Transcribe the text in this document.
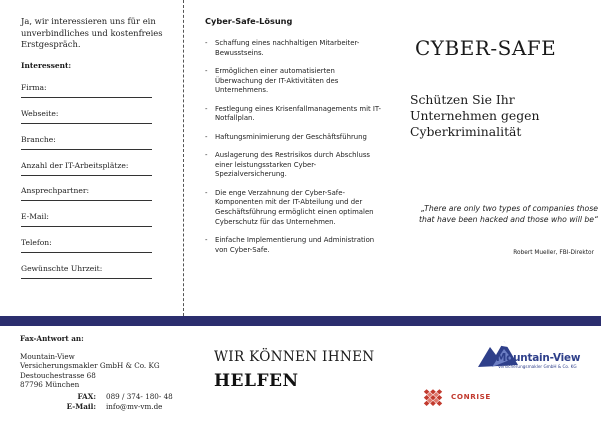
Ja, wir interessieren uns für ein unverbindliches und kostenfreies Erstgespräch.

Interessent:
Firma:
Webseite:
Branche:
Anzahl der IT-Arbeitsplätze:
Ansprechpartner:
E-Mail:
Telefon:
Gewünschte Uhrzeit:
Cyber-Safe-Lösung
- Schaffung eines nachhaltigen Mitarbeiter-Bewusstseins.
- Ermöglichen einer automatisierten Überwachung der IT-Aktivitäten des Unternehmens.
- Festlegung eines Krisenfallmanagements mit IT-Notfallplan.
- Haftungsminimierung der Geschäftsführung
- Auslagerung des Restrisikos durch Abschluss einer leistungsstarken Cyber-Spezialversicherung.
- Die enge Verzahnung der Cyber-Safe-Komponenten mit der IT-Abteilung und der Geschäftsführung ermöglicht einen optimalen Cyberschutz für das Unternehmen.
- Einfache Implementierung und Administration von Cyber-Safe.
CYBER-SAFE
Schützen Sie Ihr Unternehmen gegen Cyberkriminalität
„There are only two types of companies those that have been hacked and those who will be“
Robert Mueller, FBI-Direktor
Fax-Antwort an:
Mountain-View
Versicherungsmakler GmbH & Co. KG
Destouchestrasse 68
87796 München
FAX:	089 / 374- 180- 48
E-Mail:	info@mv-vm.de
WIR KÖNNEN IHNEN
HELFEN
Mountain-View
Versicherungsmakler GmbH & Co. KG
CONRISE
